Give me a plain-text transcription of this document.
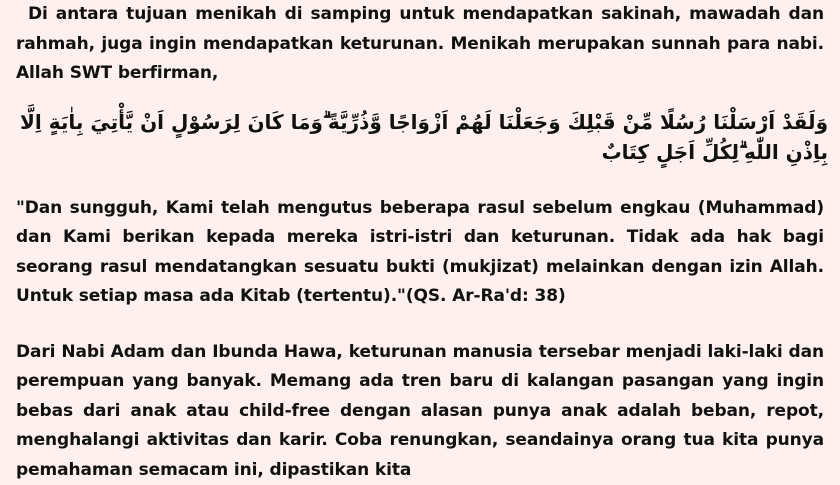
Di antara tujuan menikah di samping untuk mendapatkan sakinah, mawadah dan rahmah, juga ingin mendapatkan keturunan. Menikah merupakan sunnah para nabi. Allah SWT berfirman,

وَلَقَدْ اَرْسَلْنَا رُسُلًا مِّنْ قَبْلِكَ وَجَعَلْنَا لَهُمْ اَزْوَاجًا وَّذُرِّيَّةً ۗوَمَا كَانَ لِرَسُوْلٍ اَنْ يَّأْتِيَ بِاٰيَةٍ اِلَّا بِاِذْنِ اللّٰهِ ۗلِكُلِّ اَجَلٍ كِتَابٌ

"Dan sungguh, Kami telah mengutus beberapa rasul sebelum engkau (Muhammad) dan Kami berikan kepada mereka istri-istri dan keturunan. Tidak ada hak bagi seorang rasul mendatangkan sesuatu bukti (mukjizat) melainkan dengan izin Allah. Untuk setiap masa ada Kitab (tertentu)."(QS. Ar-Ra'd: 38)

Dari Nabi Adam dan Ibunda Hawa, keturunan manusia tersebar menjadi laki-laki dan perempuan yang banyak. Memang ada tren baru di kalangan pasangan yang ingin bebas dari anak atau child-free dengan alasan punya anak adalah beban, repot, menghalangi aktivitas dan karir. Coba renungkan, seandainya orang tua kita punya pemahaman semacam ini, dipastikan kita
